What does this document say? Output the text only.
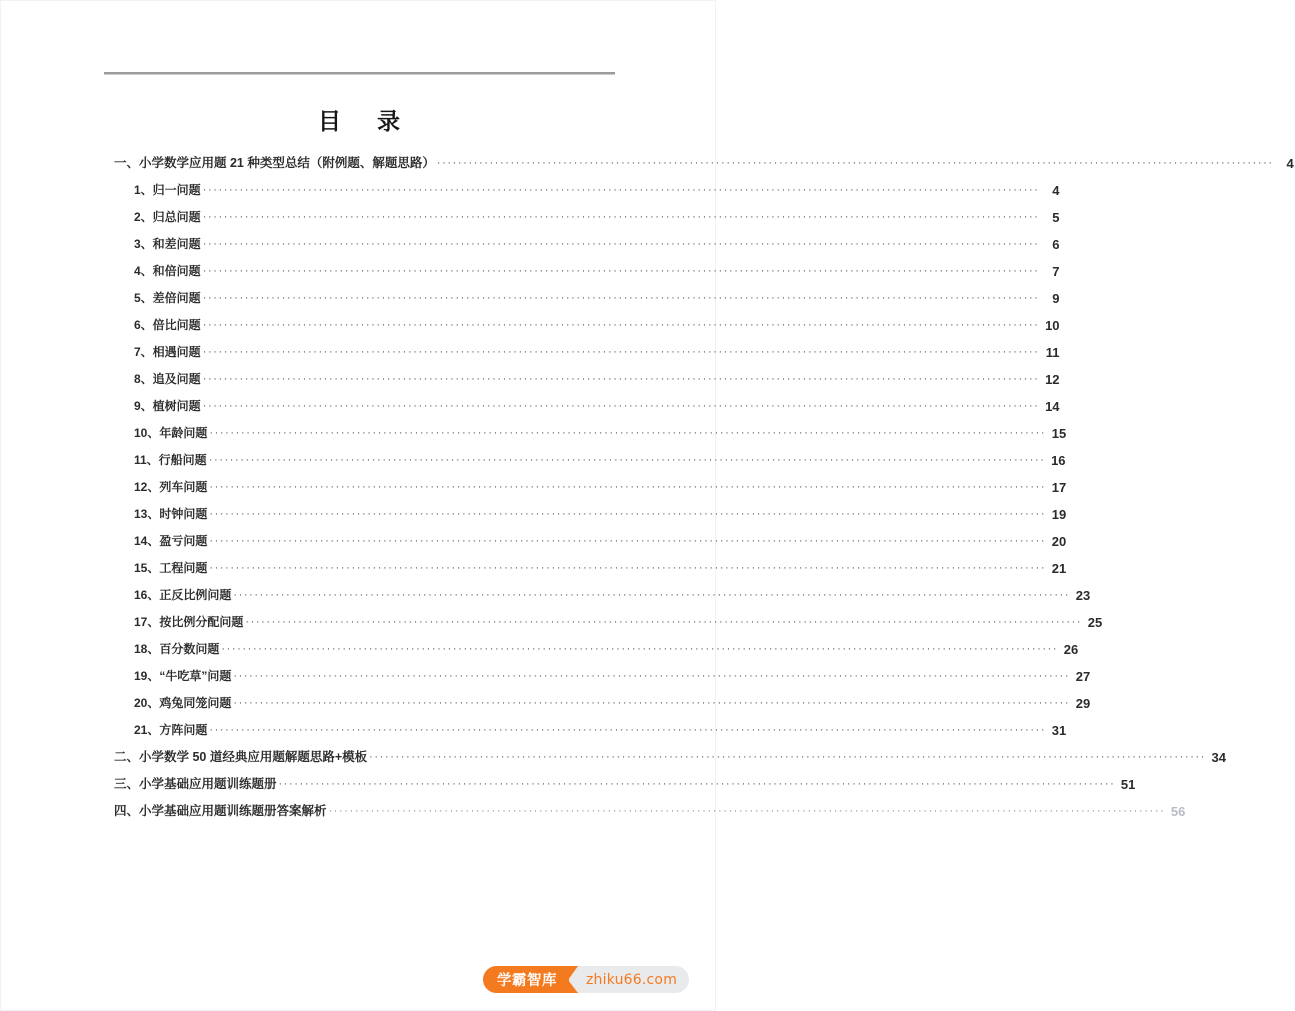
目 录
一、小学数学应用题 21 种类型总结（附例题、解题思路） ······························································································································································· 4
1、归一问题 ······························································································································································· 4
2、归总问题 ······························································································································································· 5
3、和差问题 ······························································································································································· 6
4、和倍问题 ······························································································································································· 7
5、差倍问题 ······························································································································································· 9
6、倍比问题 ······························································································································································· 10
7、相遇问题 ······························································································································································· 11
8、追及问题 ······························································································································································· 12
9、植树问题 ······························································································································································· 14
10、年龄问题 ······························································································································································· 15
11、行船问题 ······························································································································································· 16
12、列车问题 ······························································································································································· 17
13、时钟问题 ······························································································································································· 19
14、盈亏问题 ······························································································································································· 20
15、工程问题 ······························································································································································· 21
16、正反比例问题 ······························································································································································· 23
17、按比例分配问题 ······························································································································································· 25
18、百分数问题 ······························································································································································· 26
19、“牛吃草”问题 ······························································································································································· 27
20、鸡兔同笼问题 ······························································································································································· 29
21、方阵问题 ······························································································································································· 31
二、小学数学 50 道经典应用题解题思路+模板 ······························································································································································· 34
三、小学基础应用题训练题册 ······························································································································································· 51
四、小学基础应用题训练题册答案解析 ······························································································································································· 56
学霸智库	zhiku66.com
